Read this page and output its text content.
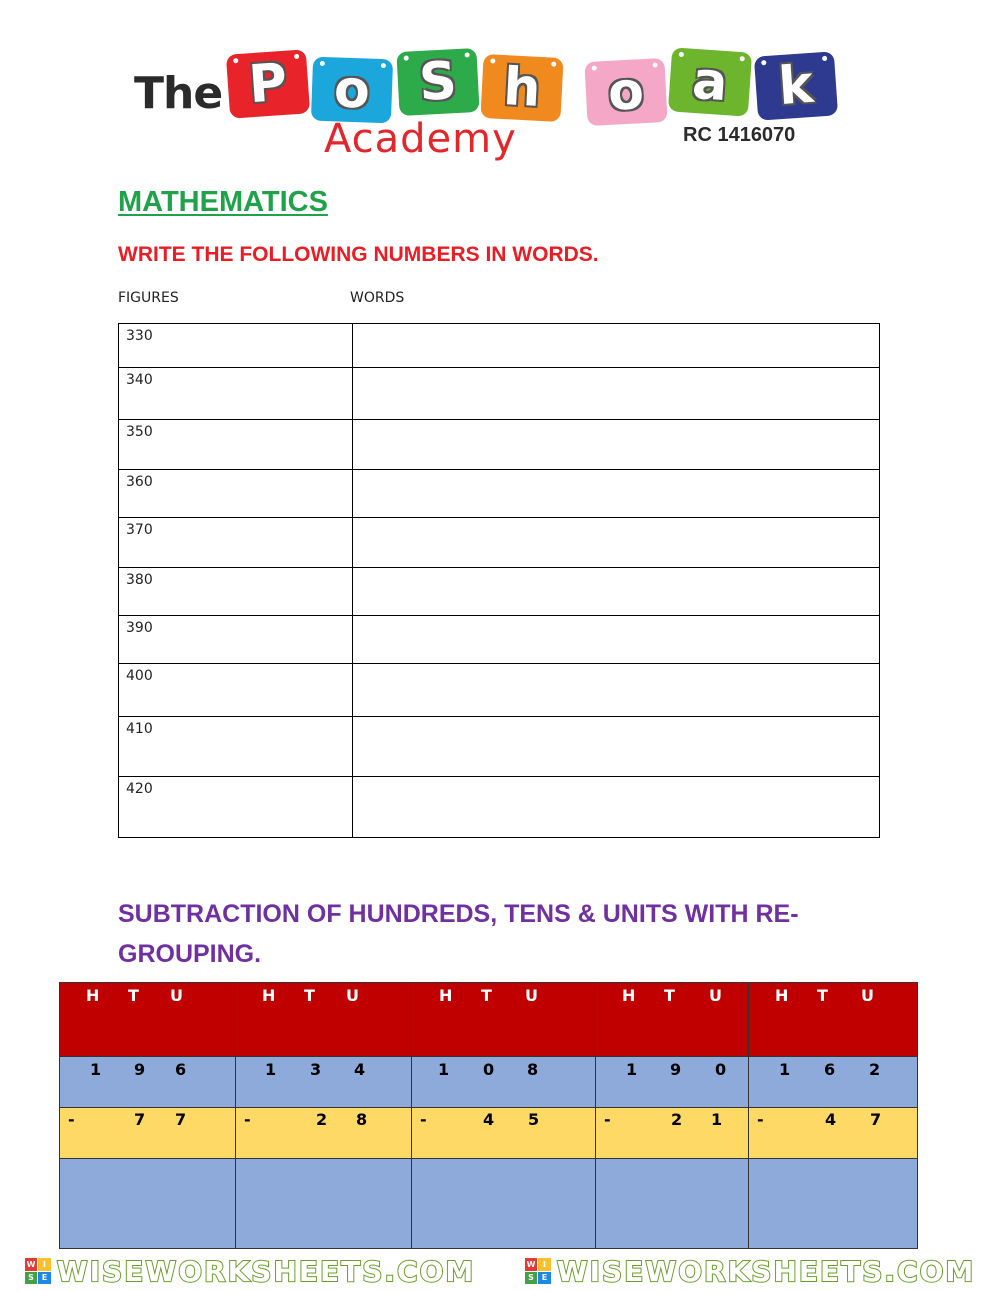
The P o S h	o a k
Academy	RC 1416070
MATHEMATICS
WRITE THE FOLLOWING NUMBERS IN WORDS.
FIGURES	WORDS
330	
340	
350	
360	
370	
380	
390	
400	
410	
420	
SUBTRACTION OF HUNDREDS, TENS & UNITS WITH RE-GROUPING.
H T U	H T U	H T U	H T U	H T U

1 9 6	1 3 4	1 0 8	1 9 0	1 6 2

- 7 7	- 2 8	- 4 5	- 2 1	- 4 7

W I
S E WISEWORKSHEETS.COM	W I
S E WISEWORKSHEETS.COM
